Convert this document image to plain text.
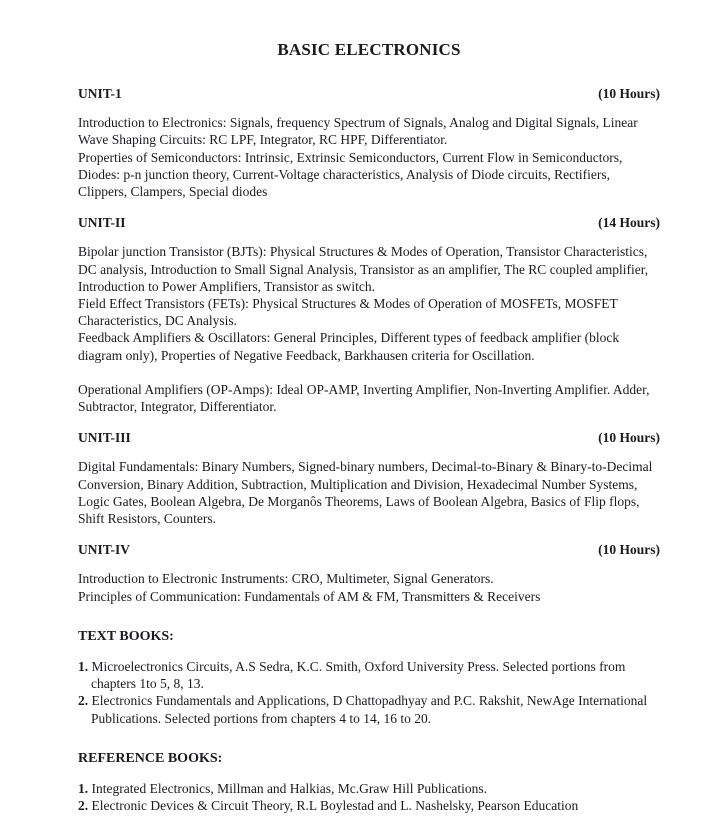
BASIC ELECTRONICS
UNIT-1	(10 Hours)

Introduction to Electronics: Signals, frequency Spectrum of Signals, Analog and Digital Signals, Linear Wave Shaping Circuits: RC LPF, Integrator, RC HPF, Differentiator.

Properties of Semiconductors: Intrinsic, Extrinsic Semiconductors, Current Flow in Semiconductors, Diodes: p-n junction theory, Current-Voltage characteristics, Analysis of Diode circuits, Rectifiers, Clippers, Clampers, Special diodes

UNIT-II	(14 Hours)

Bipolar junction Transistor (BJTs): Physical Structures & Modes of Operation, Transistor Characteristics, DC analysis, Introduction to Small Signal Analysis, Transistor as an amplifier, The RC coupled amplifier, Introduction to Power Amplifiers, Transistor as switch.

Field Effect Transistors (FETs): Physical Structures & Modes of Operation of MOSFETs, MOSFET Characteristics, DC Analysis.

Feedback Amplifiers & Oscillators: General Principles, Different types of feedback amplifier (block diagram only), Properties of Negative Feedback, Barkhausen criteria for Oscillation.

Operational Amplifiers (OP-Amps): Ideal OP-AMP, Inverting Amplifier, Non-Inverting Amplifier. Adder, Subtractor, Integrator, Differentiator.

UNIT-III	(10 Hours)

Digital Fundamentals: Binary Numbers, Signed-binary numbers, Decimal-to-Binary & Binary-to-Decimal Conversion, Binary Addition, Subtraction, Multiplication and Division, Hexadecimal Number Systems, Logic Gates, Boolean Algebra, De Morganôs Theorems, Laws of Boolean Algebra, Basics of Flip flops, Shift Resistors, Counters.

UNIT-IV	(10 Hours)

Introduction to Electronic Instruments: CRO, Multimeter, Signal Generators.

Principles of Communication: Fundamentals of AM & FM, Transmitters & Receivers

TEXT BOOKS:
1. Microelectronics Circuits, A.S Sedra, K.C. Smith, Oxford University Press. Selected portions from chapters 1to 5, 8, 13.
2. Electronics Fundamentals and Applications, D Chattopadhyay and P.C. Rakshit, NewAge International Publications. Selected portions from chapters 4 to 14, 16 to 20.
REFERENCE BOOKS:
1. Integrated Electronics, Millman and Halkias, Mc.Graw Hill Publications.
2. Electronic Devices & Circuit Theory, R.L Boylestad and L. Nashelsky, Pearson Education
